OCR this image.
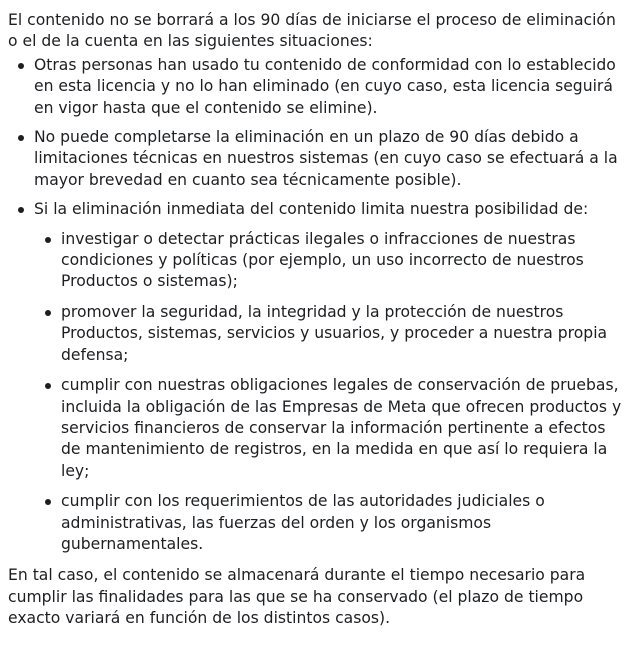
El contenido no se borrará a los 90 días de iniciarse el proceso de eliminación o el de la cuenta en las siguientes situaciones:

Otras personas han usado tu contenido de conformidad con lo establecido en esta licencia y no lo han eliminado (en cuyo caso, esta licencia seguirá en vigor hasta que el contenido se elimine).
No puede completarse la eliminación en un plazo de 90 días debido a limitaciones técnicas en nuestros sistemas (en cuyo caso se efectuará a la mayor brevedad en cuanto sea técnicamente posible).
Si la eliminación inmediata del contenido limita nuestra posibilidad de:
investigar o detectar prácticas ilegales o infracciones de nuestras condiciones y políticas (por ejemplo, un uso incorrecto de nuestros Productos o sistemas);
promover la seguridad, la integridad y la protección de nuestros Productos, sistemas, servicios y usuarios, y proceder a nuestra propia defensa;
cumplir con nuestras obligaciones legales de conservación de pruebas, incluida la obligación de las Empresas de Meta que ofrecen productos y servicios financieros de conservar la información pertinente a efectos de mantenimiento de registros, en la medida en que así lo requiera la ley;
cumplir con los requerimientos de las autoridades judiciales o administrativas, las fuerzas del orden y los organismos gubernamentales.

En tal caso, el contenido se almacenará durante el tiempo necesario para cumplir las finalidades para las que se ha conservado (el plazo de tiempo exacto variará en función de los distintos casos).
